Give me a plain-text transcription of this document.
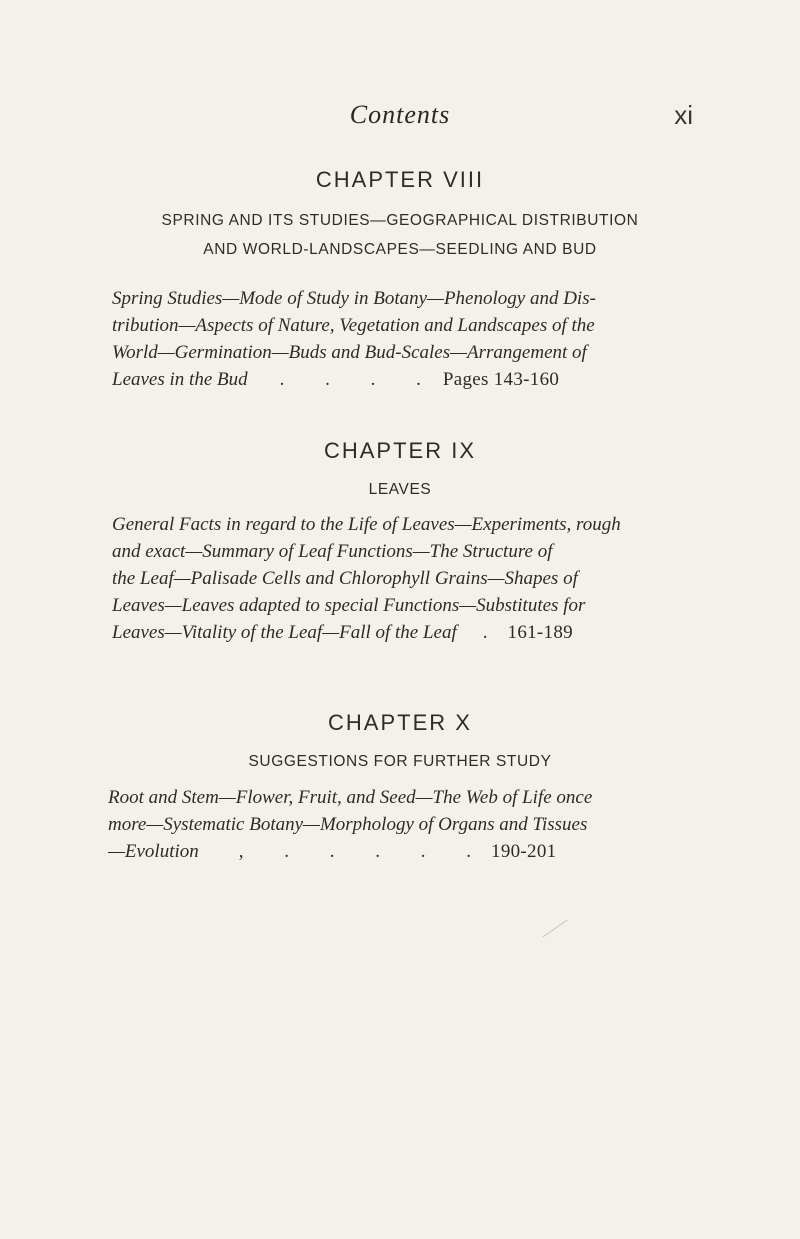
Contents	xi
CHAPTER VIII
SPRING AND ITS STUDIES—GEOGRAPHICAL DISTRIBUTION
AND WORLD-LANDSCAPES—SEEDLING AND BUD
Spring Studies—Mode of Study in Botany—Phenology and Dis-
tribution—Aspects of Nature, Vegetation and Landscapes of the
World—Germination—Buds and Bud-Scales—Arrangement of
Leaves in the Bud . . . . Pages 143-160
CHAPTER IX
LEAVES
General Facts in regard to the Life of Leaves—Experiments, rough
and exact—Summary of Leaf Functions—The Structure of
the Leaf—Palisade Cells and Chlorophyll Grains—Shapes of
Leaves—Leaves adapted to special Functions—Substitutes for
Leaves—Vitality of the Leaf—Fall of the Leaf . 161-189
CHAPTER X
SUGGESTIONS FOR FURTHER STUDY
Root and Stem—Flower, Fruit, and Seed—The Web of Life once
more—Systematic Botany—Morphology of Organs and Tissues
—Evolution , . . . . . 190-201
